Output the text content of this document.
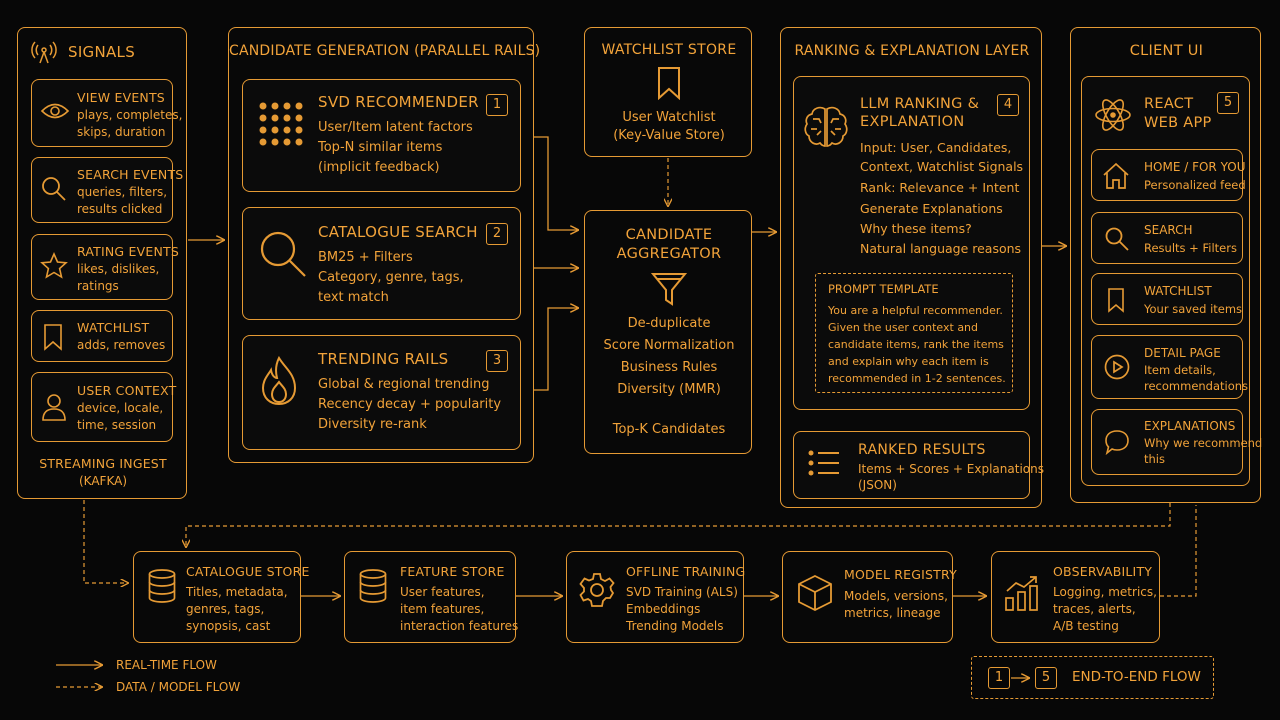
SIGNALS
VIEW EVENTS
plays, completes,
skips, duration
SEARCH EVENTS
queries, filters,
results clicked
RATING EVENTS
likes, dislikes,
ratings
WATCHLIST
adds, removes
USER CONTEXT
device, locale,
time, session
STREAMING INGEST
(KAFKA)
CANDIDATE GENERATION (PARALLEL RAILS)
SVD RECOMMENDER	1
User/Item latent factors
Top-N similar items
(implicit feedback)
CATALOGUE SEARCH	2
BM25 + Filters
Category, genre, tags,
text match
TRENDING RAILS	3
Global & regional trending
Recency decay + popularity
Diversity re-rank
WATCHLIST STORE
User Watchlist
(Key-Value Store)
CANDIDATE
AGGREGATOR
De-duplicate
Score Normalization
Business Rules
Diversity (MMR)
Top-K Candidates
RANKING & EXPLANATION LAYER
LLM RANKING &
EXPLANATION
4
Input: User, Candidates,
Context, Watchlist Signals
Rank: Relevance + Intent
Generate Explanations
Why these items?
Natural language reasons
PROMPT TEMPLATE
You are a helpful recommender.
Given the user context and
candidate items, rank the items
and explain why each item is
recommended in 1-2 sentences.
RANKED RESULTS
Items + Scores + Explanations
(JSON)
CLIENT UI
REACT
WEB APP
5
HOME / FOR YOU
Personalized feed
SEARCH
Results + Filters
WATCHLIST
Your saved items
DETAIL PAGE
Item details,
recommendations
EXPLANATIONS
Why we recommend
this
CATALOGUE STORE
Titles, metadata,
genres, tags,
synopsis, cast
FEATURE STORE
User features,
item features,
interaction features
OFFLINE TRAINING
SVD Training (ALS)
Embeddings
Trending Models
MODEL REGISTRY
Models, versions,
metrics, lineage
OBSERVABILITY
Logging, metrics,
traces, alerts,
A/B testing
REAL-TIME FLOW
DATA / MODEL FLOW
1	5	END-TO-END FLOW
